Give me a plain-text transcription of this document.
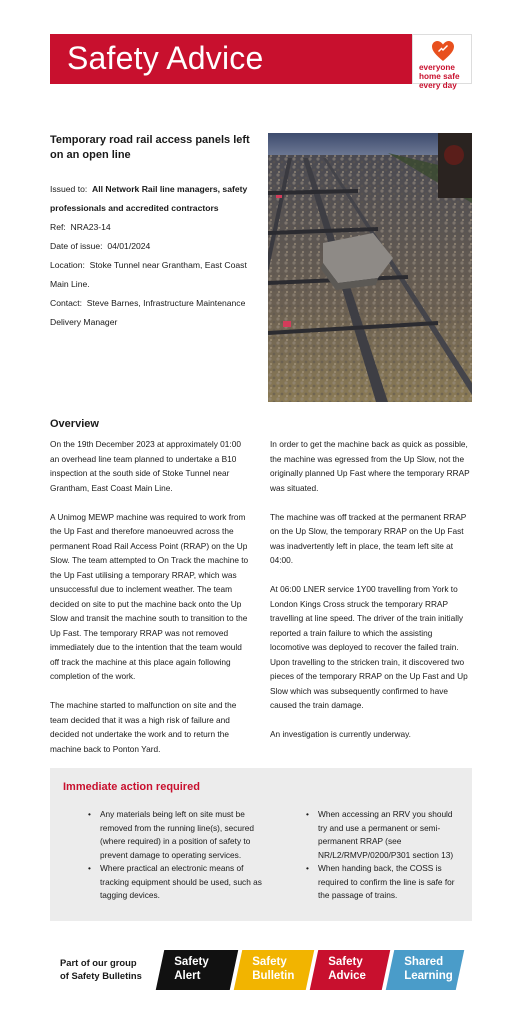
Safety Advice
Action required following a serious incident
everyone
home safe
every day
Temporary road rail access panels left on an open line
Issued to: All Network Rail line managers, safety professionals and accredited contractors
Ref: NRA23-14
Date of issue: 04/01/2024
Location: Stoke Tunnel near Grantham, East Coast Main Line.
Contact: Steve Barnes, Infrastructure Maintenance Delivery Manager
Overview

On the 19th December 2023 at approximately 01:00 an overhead line team planned to undertake a B10 inspection at the south side of Stoke Tunnel near Grantham, East Coast Main Line.

A Unimog MEWP machine was required to work from the Up Fast and therefore manoeuvred across the permanent Road Rail Access Point (RRAP) on the Up Slow. The team attempted to On Track the machine to the Up Fast utilising a temporary RRAP, which was unsuccessful due to inclement weather. The team decided on site to put the machine back onto the Up Slow and transit the machine south to transition to the Up Fast. The temporary RRAP was not removed immediately due to the intention that the team would off track the machine at this place again following completion of the work.

The machine started to malfunction on site and the team decided that it was a high risk of failure and decided not undertake the work and to return the machine back to Ponton Yard.

In order to get the machine back as quick as possible, the machine was egressed from the Up Slow, not the originally planned Up Fast where the temporary RRAP was situated.

The machine was off tracked at the permanent RRAP on the Up Slow, the temporary RRAP on the Up Fast was inadvertently left in place, the team left site at 04:00.

At 06:00 LNER service 1Y00 travelling from York to London Kings Cross struck the temporary RRAP travelling at line speed. The driver of the train initially reported a train failure to which the assisting locomotive was deployed to recover the failed train. Upon travelling to the stricken train, it discovered two pieces of the temporary RRAP on the Up Fast and Up Slow which was subsequently confirmed to have caused the train damage.

An investigation is currently underway.

Immediate action required
• Any materials being left on site must be removed from the running line(s), secured (where required) in a position of safety to prevent damage to operating services.
• Where practical an electronic means of tracking equipment should be used, such as tagging devices.
• When accessing an RRV you should try and use a permanent or semi-permanent RRAP (see NR/L2/RMVP/0200/P301 section 13)
• When handing back, the COSS is required to confirm the line is safe for the passage of trains.
Part of our group
of Safety Bulletins
Safety
Alert
Safety
Bulletin
Safety
Advice
Shared
Learning
